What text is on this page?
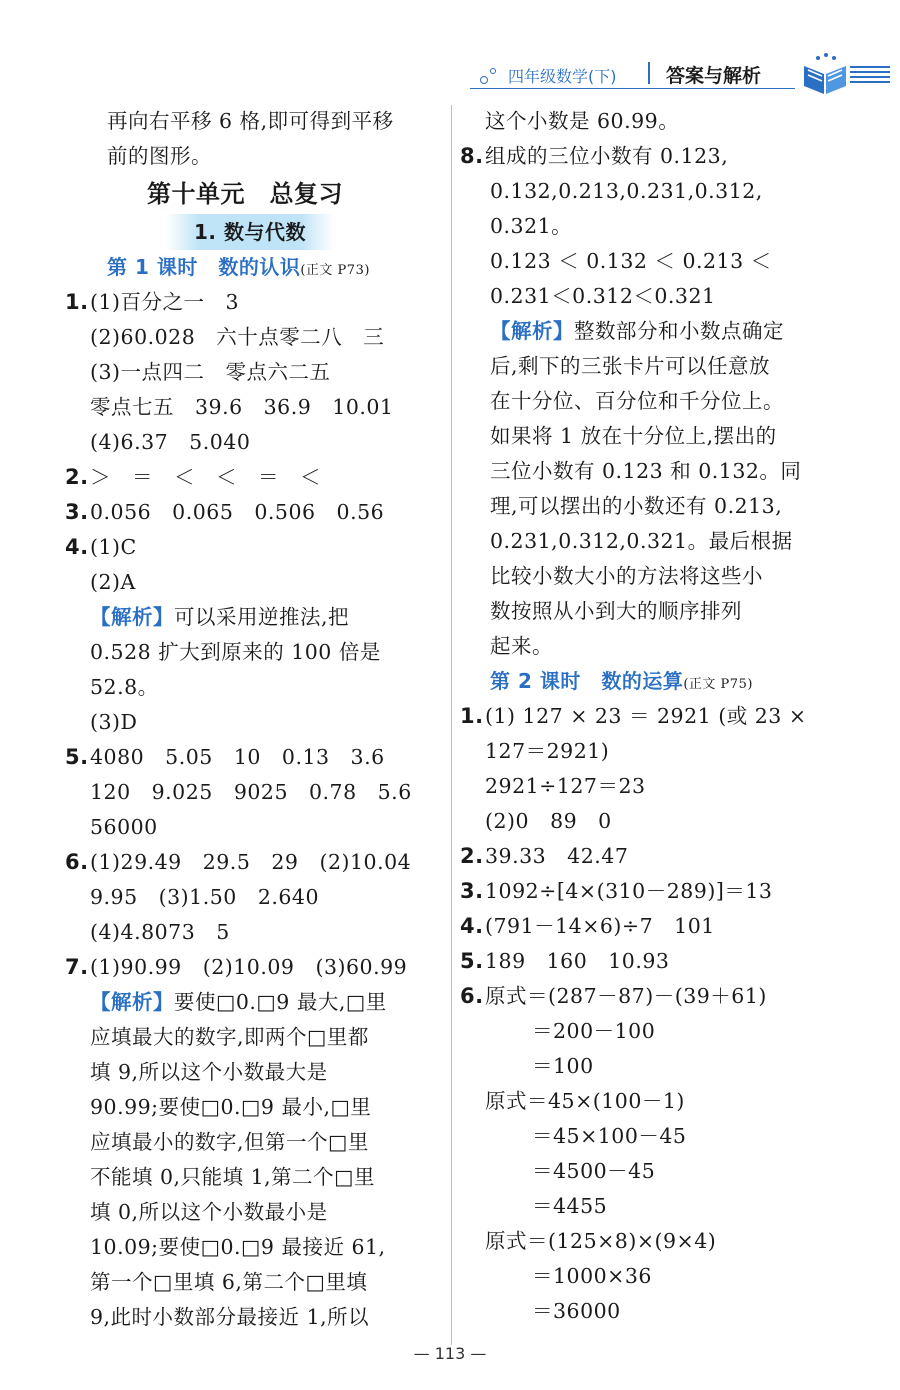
四年级数学(下)	答案与解析
再向右平移 6 格,即可得到平移
前的图形。
第十单元　总复习
1. 数与代数
第 1 课时　数的认识(正文 P73)
1.(1)百分之一　3
(2)60.028　六十点零二八　三
(3)一点四二　零点六二五
零点七五　39.6　36.9　10.01
(4)6.37　5.040
2.＞　＝　＜　＜　＝　＜
3.0.056　0.065　0.506　0.56
4.(1)C
(2)A
【解析】可以采用逆推法,把
0.528 扩大到原来的 100 倍是
52.8。
(3)D
5.4080　5.05　10　0.13　3.6
120　9.025　9025　0.78　5.6
56000
6.(1)29.49　29.5　29　(2)10.04
9.95　(3)1.50　2.640
(4)4.8073　5
7.(1)90.99　(2)10.09　(3)60.99
【解析】要使□0.□9 最大,□里
应填最大的数字,即两个□里都
填 9,所以这个小数最大是
90.99;要使□0.□9 最小,□里
应填最小的数字,但第一个□里
不能填 0,只能填 1,第二个□里
填 0,所以这个小数最小是
10.09;要使□0.□9 最接近 61,
第一个□里填 6,第二个□里填
9,此时小数部分最接近 1,所以
这个小数是 60.99。
8.组成的三位小数有 0.123,
0.132,0.213,0.231,0.312,
0.321。
0.123 ＜ 0.132 ＜ 0.213 ＜
0.231＜0.312＜0.321
【解析】整数部分和小数点确定
后,剩下的三张卡片可以任意放
在十分位、百分位和千分位上。
如果将 1 放在十分位上,摆出的
三位小数有 0.123 和 0.132。同
理,可以摆出的小数还有 0.213,
0.231,0.312,0.321。最后根据
比较小数大小的方法将这些小
数按照从小到大的顺序排列
起来。
第 2 课时　数的运算(正文 P75)
1.(1) 127 × 23 ＝ 2921 (或 23 ×
127＝2921)
2921÷127＝23
(2)0　89　0
2.39.33　42.47
3.1092÷[4×(310－289)]＝13
4.(791－14×6)÷7　101
5.189　160　10.93
6.原式＝(287－87)－(39＋61)
＝200－100
＝100
原式＝45×(100－1)
＝45×100－45
＝4500－45
＝4455
原式＝(125×8)×(9×4)
＝1000×36
＝36000
— 113 —
